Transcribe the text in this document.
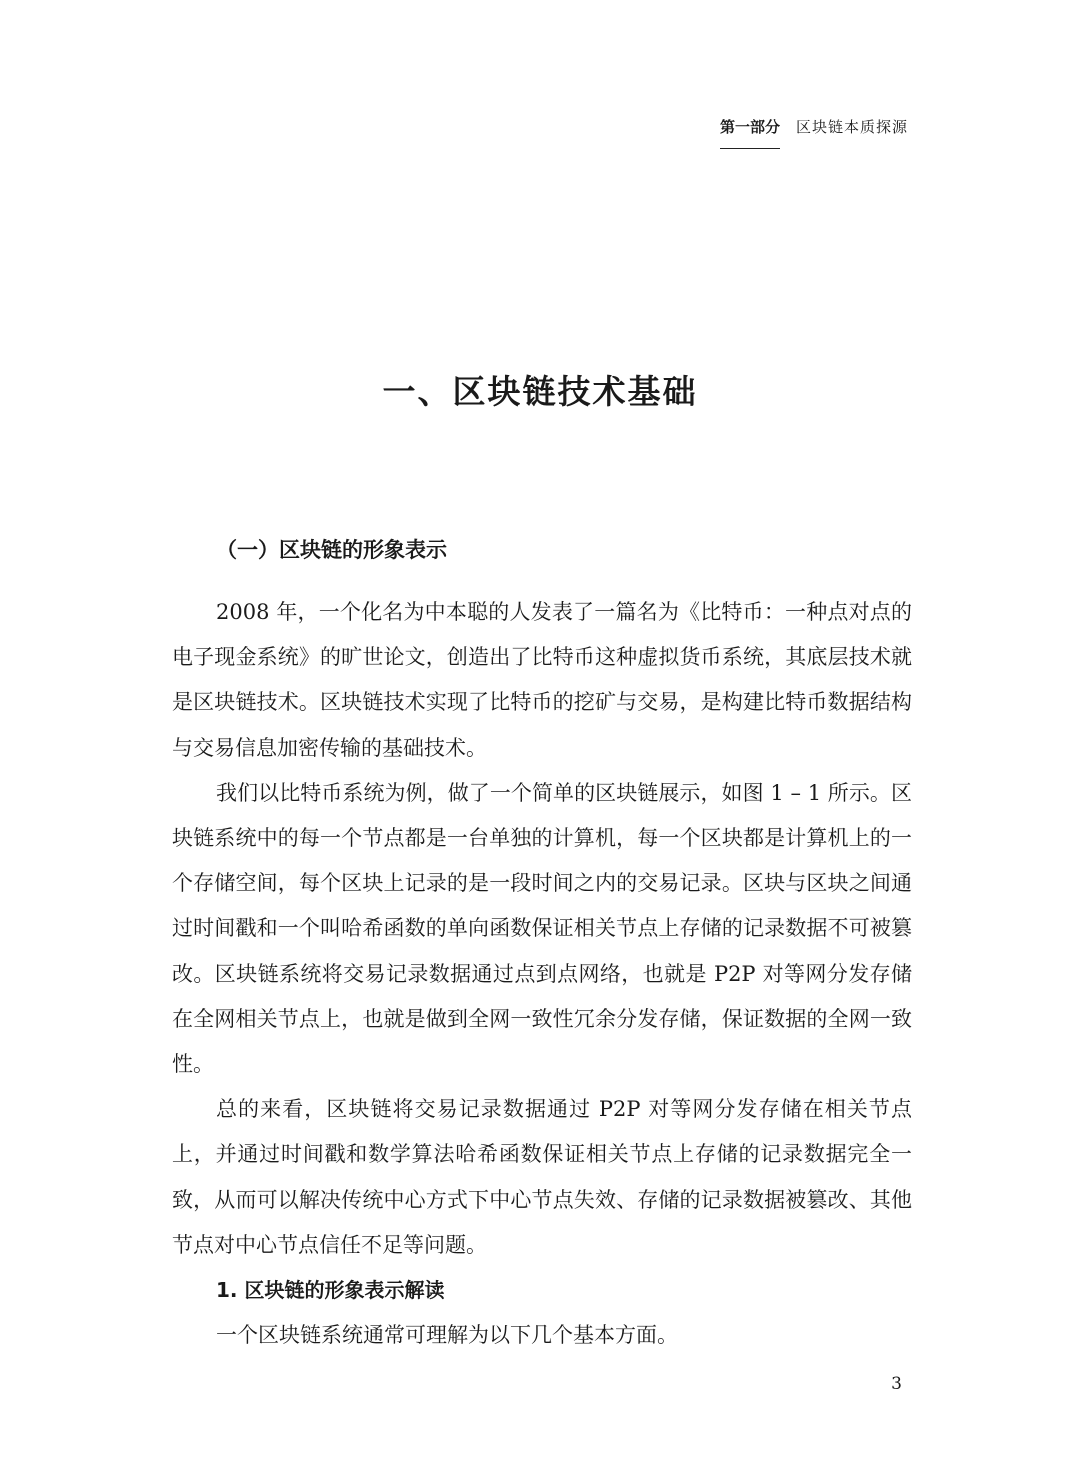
第一部分 区块链本质探源
一、区块链技术基础
（一）区块链的形象表示

2008 年，一个化名为中本聪的人发表了一篇名为《比特币：一种点对点的电子现金系统》的旷世论文，创造出了比特币这种虚拟货币系统，其底层技术就是区块链技术。区块链技术实现了比特币的挖矿与交易，是构建比特币数据结构与交易信息加密传输的基础技术。

我们以比特币系统为例，做了一个简单的区块链展示，如图 1 – 1 所示。区块链系统中的每一个节点都是一台单独的计算机，每一个区块都是计算机上的一个存储空间，每个区块上记录的是一段时间之内的交易记录。区块与区块之间通过时间戳和一个叫哈希函数的单向函数保证相关节点上存储的记录数据不可被篡改。区块链系统将交易记录数据通过点到点网络，也就是 P2P 对等网分发存储在全网相关节点上，也就是做到全网一致性冗余分发存储，保证数据的全网一致性。

总的来看，区块链将交易记录数据通过 P2P 对等网分发存储在相关节点上，并通过时间戳和数学算法哈希函数保证相关节点上存储的记录数据完全一致，从而可以解决传统中心方式下中心节点失效、存储的记录数据被篡改、其他节点对中心节点信任不足等问题。

1. 区块链的形象表示解读

一个区块链系统通常可理解为以下几个基本方面。

3
